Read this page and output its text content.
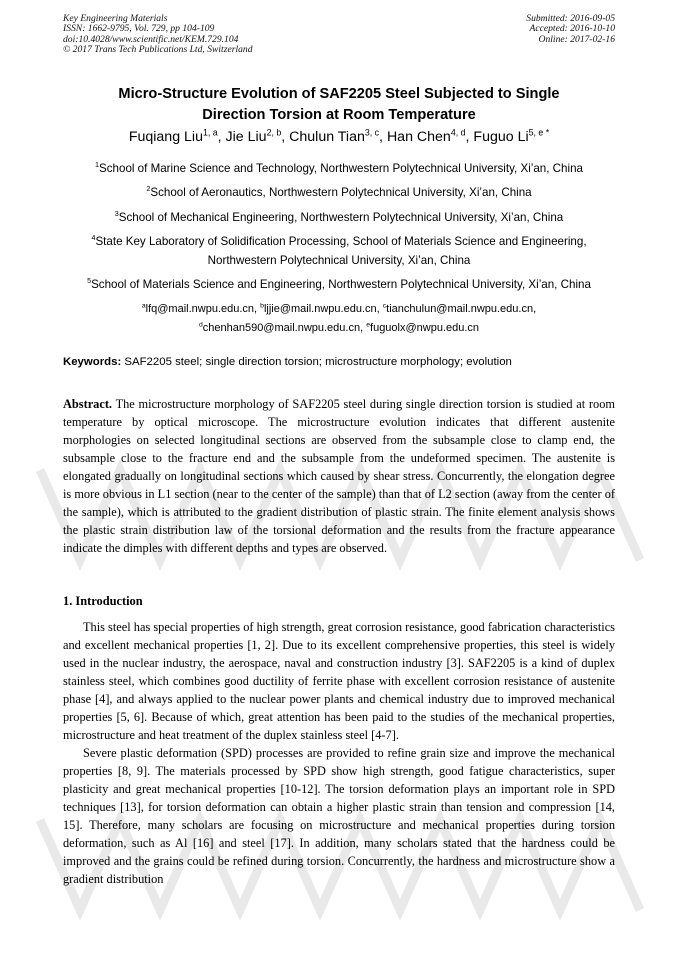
Key Engineering Materials
ISSN: 1662-9795, Vol. 729, pp 104-109
doi:10.4028/www.scientific.net/KEM.729.104
© 2017 Trans Tech Publications Ltd, Switzerland
Submitted: 2016-09-05
Accepted: 2016-10-10
Online: 2017-02-16
Micro-Structure Evolution of SAF2205 Steel Subjected to Single
Direction Torsion at Room Temperature
Fuqiang Liu$^{1, a}$, Jie Liu$^{2, b}$, Chulun Tian$^{3, c}$, Han Chen$^{4, d}$, Fuguo $Li^{5, e *}$
$^1$School of Marine Science and Technology, Northwestern Polytechnical University, Xi’an, China
$^2$School of Aeronautics, Northwestern Polytechnical University, Xi’an, China
$^3$School of Mechanical Engineering, Northwestern Polytechnical University, Xi’an, China
$^4$State Key Laboratory of Solidification Processing, School of Materials Science and Engineering,
Northwestern Polytechnical University, Xi’an, China
$^5$School of Materials Science and Engineering, Northwestern Polytechnical University, Xi’an, China
$^a$lfq@mail.nwpu.edu.cn, $^b$ljjie@mail.nwpu.edu.cn, $^c$tianchulun@mail.nwpu.edu.cn,
$^d$chenhan590@mail.nwpu.edu.cn, $^e$fuguolx@nwpu.edu.cn
Keywords: SAF2205 steel; single direction torsion; microstructure morphology; evolution

Abstract. The microstructure morphology of SAF2205 steel during single direction torsion is studied at room temperature by optical microscope. The microstructure evolution indicates that different austenite morphologies on selected longitudinal sections are observed from the subsample close to clamp end, the subsample close to the fracture end and the subsample from the undeformed specimen. The austenite is elongated gradually on longitudinal sections which caused by shear stress. Concurrently, the elongation degree is more obvious in L1 section (near to the center of the sample) than that of L2 section (away from the center of the sample), which is attributed to the gradient distribution of plastic strain. The finite element analysis shows the plastic strain distribution law of the torsional deformation and the results from the fracture appearance indicate the dimples with different depths and types are observed.

1. Introduction

This steel has special properties of high strength, great corrosion resistance, good fabrication characteristics and excellent mechanical properties [1, 2]. Due to its excellent comprehensive properties, this steel is widely used in the nuclear industry, the aerospace, naval and construction industry [3]. SAF2205 is a kind of duplex stainless steel, which combines good ductility of ferrite phase with excellent corrosion resistance of austenite phase [4], and always applied to the nuclear power plants and chemical industry due to improved mechanical properties [5, 6]. Because of which, great attention has been paid to the studies of the mechanical properties, microstructure and heat treatment of the duplex stainless steel [4-7].

Severe plastic deformation (SPD) processes are provided to refine grain size and improve the mechanical properties [8, 9]. The materials processed by SPD show high strength, good fatigue characteristics, super plasticity and great mechanical properties [10-12]. The torsion deformation plays an important role in SPD techniques [13], for torsion deformation can obtain a higher plastic strain than tension and compression [14, 15]. Therefore, many scholars are focusing on microstructure and mechanical properties during torsion deformation, such as Al [16] and steel [17]. In addition, many scholars stated that the hardness could be improved and the grains could be refined during torsion. Concurrently, the hardness and microstructure show a gradient distribution
